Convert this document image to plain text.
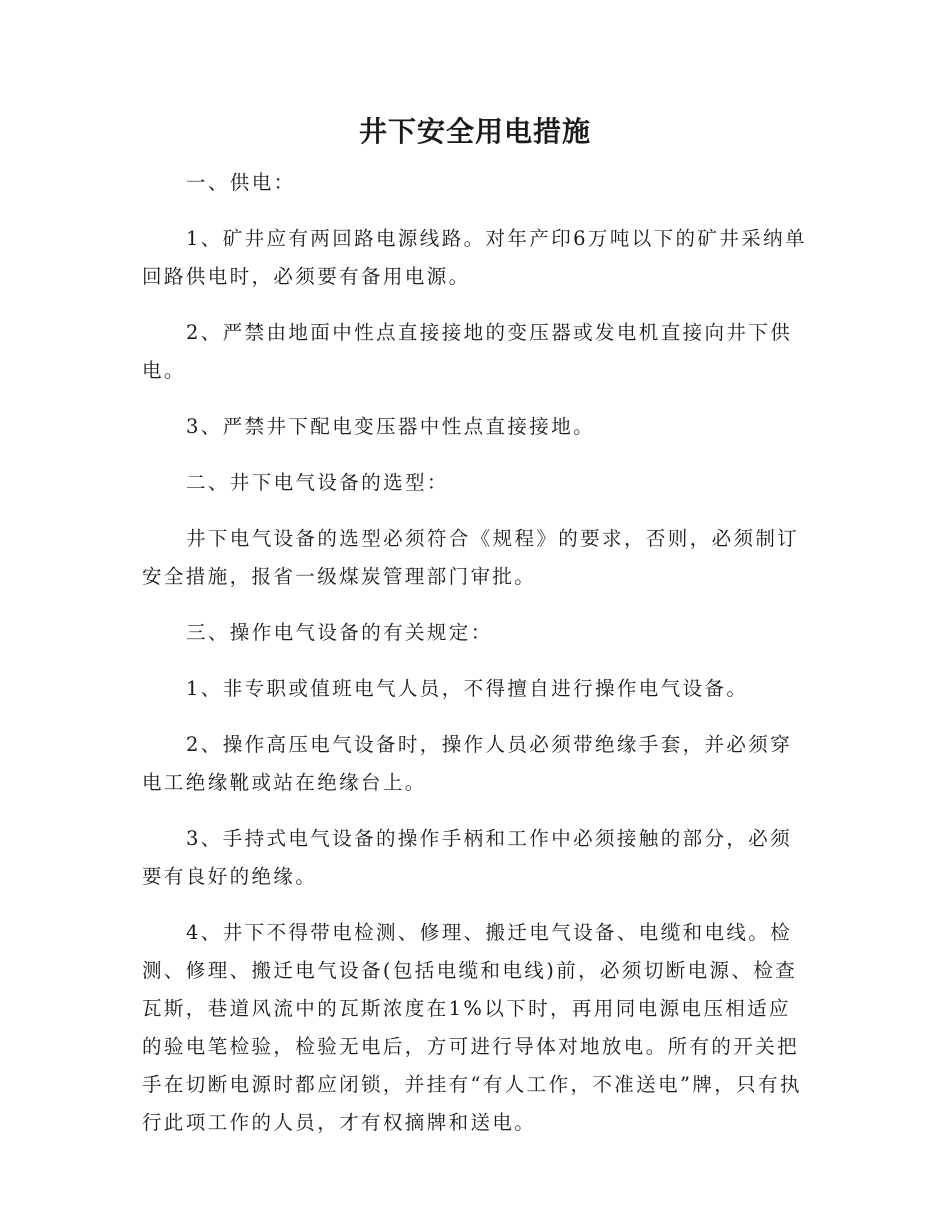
井下安全用电措施

一、供电：

1、矿井应有两回路电源线路。对年产印6万吨以下的矿井采纳单回路供电时，必须要有备用电源。

2、严禁由地面中性点直接接地的变压器或发电机直接向井下供电。

3、严禁井下配电变压器中性点直接接地。

二、井下电气设备的选型：

井下电气设备的选型必须符合《规程》的要求，否则，必须制订安全措施，报省一级煤炭管理部门审批。

三、操作电气设备的有关规定：

1、非专职或值班电气人员，不得擅自进行操作电气设备。

2、操作高压电气设备时，操作人员必须带绝缘手套，并必须穿电工绝缘靴或站在绝缘台上。

3、手持式电气设备的操作手柄和工作中必须接触的部分，必须要有良好的绝缘。

4、井下不得带电检测、修理、搬迁电气设备、电缆和电线。检测、修理、搬迁电气设备(包括电缆和电线)前，必须切断电源、检查瓦斯，巷道风流中的瓦斯浓度在1%以下时，再用同电源电压相适应的验电笔检验，检验无电后，方可进行导体对地放电。所有的开关把手在切断电源时都应闭锁，并挂有“有人工作，不准送电”牌，只有执行此项工作的人员，才有权摘牌和送电。
